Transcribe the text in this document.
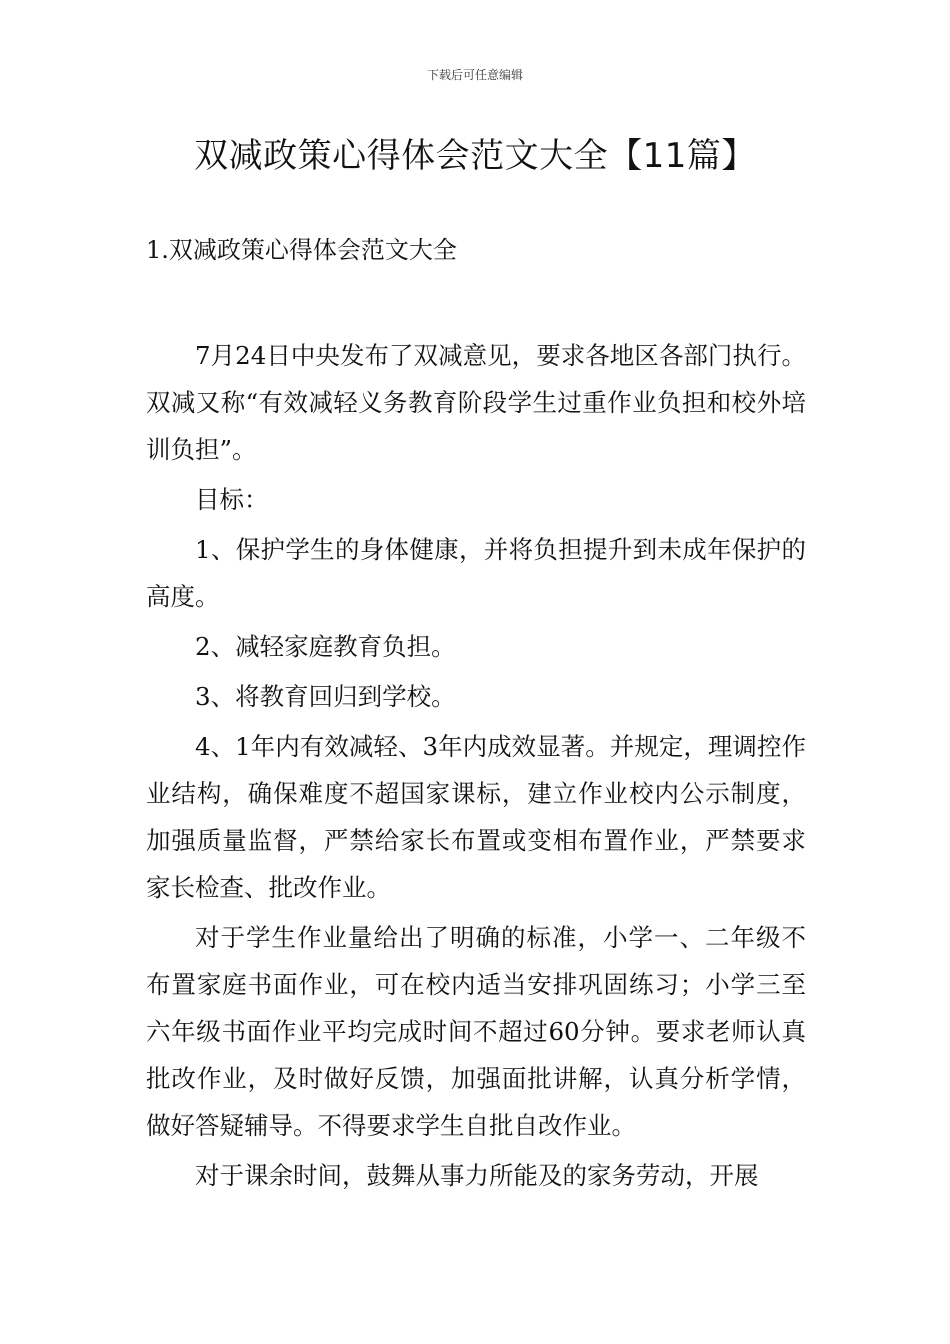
下载后可任意编辑
双减政策心得体会范文大全【11篇】
1.双减政策心得体会范文大全

7月24日中央发布了双减意见，要求各地区各部门执行。双减又称“有效减轻义务教育阶段学生过重作业负担和校外培训负担”。

目标：

1、保护学生的身体健康，并将负担提升到未成年保护的高度。

2、减轻家庭教育负担。

3、将教育回归到学校。

4、1年内有效减轻、3年内成效显著。并规定，理调控作业结构，确保难度不超国家课标，建立作业校内公示制度，加强质量监督，严禁给家长布置或变相布置作业，严禁要求家长检查、批改作业。

对于学生作业量给出了明确的标准，小学一、二年级不布置家庭书面作业，可在校内适当安排巩固练习；小学三至六年级书面作业平均完成时间不超过60分钟。要求老师认真批改作业，及时做好反馈，加强面批讲解，认真分析学情，做好答疑辅导。不得要求学生自批自改作业。

对于课余时间，鼓舞从事力所能及的家务劳动，开展
